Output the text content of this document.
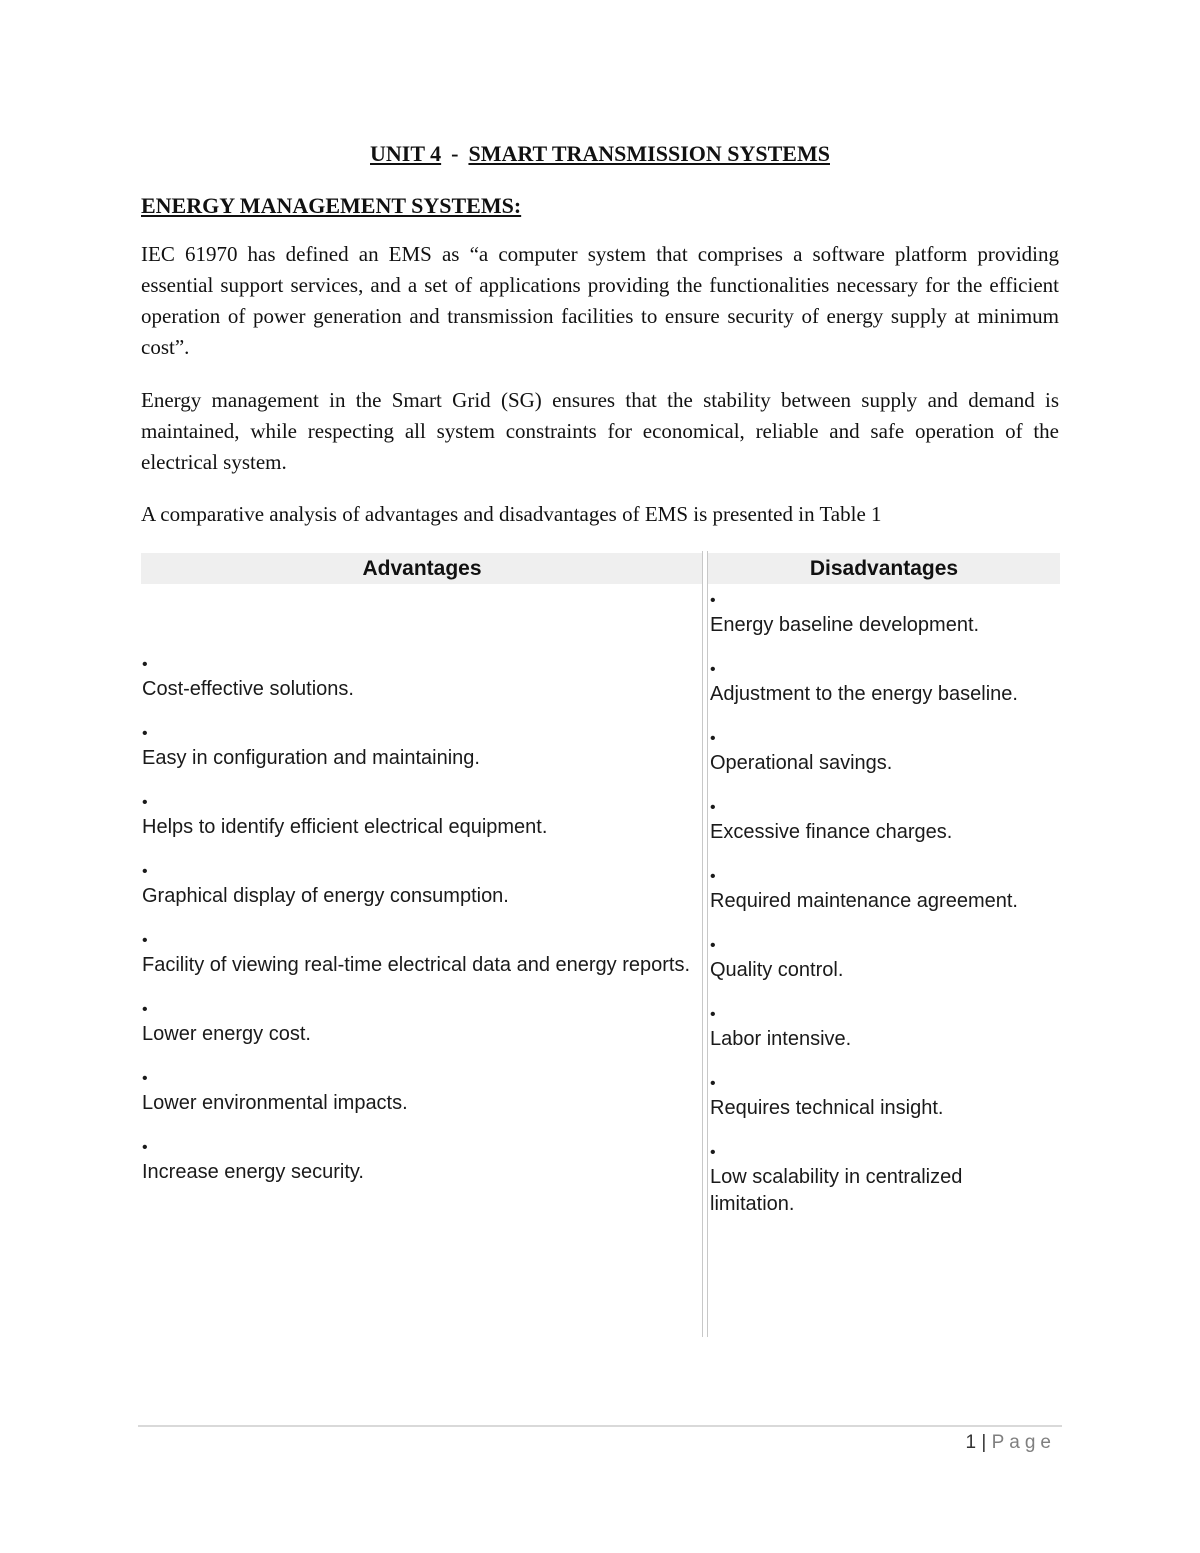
UNIT 4 - SMART TRANSMISSION SYSTEMS
ENERGY MANAGEMENT SYSTEMS:

IEC 61970 has defined an EMS as “a computer system that comprises a software platform providing essential support services, and a set of applications providing the functionalities necessary for the efficient operation of power generation and transmission facilities to ensure security of energy supply at minimum cost”.

Energy management in the Smart Grid (SG) ensures that the stability between supply and demand is maintained, while respecting all system constraints for economical, reliable and safe operation of the electrical system.

A comparative analysis of advantages and disadvantages of EMS is presented in Table 1

Advantages	Disadvantages
•
Cost-effective solutions.
•
Easy in configuration and maintaining.
•
Helps to identify efficient electrical equipment.
•
Graphical display of energy consumption.
•
Facility of viewing real-time electrical data and energy reports.
•
Lower energy cost.
•
Lower environmental impacts.
•
Increase energy security.
•
Energy baseline development.
•
Adjustment to the energy baseline.
•
Operational savings.
•
Excessive finance charges.
•
Required maintenance agreement.
•
Quality control.
•
Labor intensive.
•
Requires technical insight.
•
Low scalability in centralized limitation.
1 | Page
